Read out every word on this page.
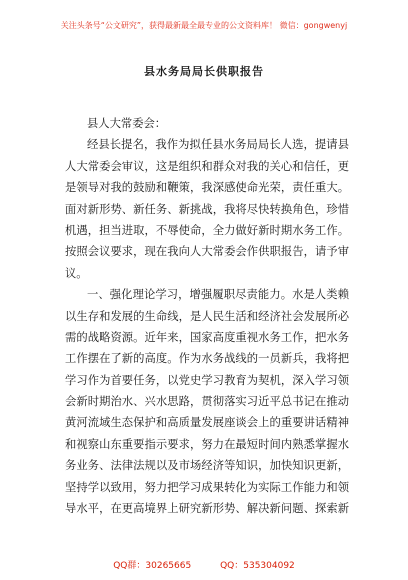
关注头条号“公文研究”，获得最新最全最专业的公文资料库！ 微信：gongwenyj
县水务局局长供职报告
县人大常委会：
经县长提名，我作为拟任县水务局局长人选，提请县
人大常委会审议，这是组织和群众对我的关心和信任，更
是领导对我的鼓励和鞭策，我深感使命光荣，责任重大。
面对新形势、新任务、新挑战，我将尽快转换角色，珍惜
机遇，担当进取，不辱使命，全力做好新时期水务工作。
按照会议要求，现在我向人大常委会作供职报告，请予审
议。
一、强化理论学习，增强履职尽责能力。水是人类赖
以生存和发展的生命线，是人民生活和经济社会发展所必
需的战略资源。近年来，国家高度重视水务工作，把水务
工作摆在了新的高度。作为水务战线的一员新兵，我将把
学习作为首要任务，以党史学习教育为契机，深入学习领
会新时期治水、兴水思路，贯彻落实习近平总书记在推动
黄河流域生态保护和高质量发展座谈会上的重要讲话精神
和视察山东重要指示要求，努力在最短时间内熟悉掌握水
务业务、法律法规以及市场经济等知识，加快知识更新，
坚持学以致用，努力把学习成果转化为实际工作能力和领
导水平，在更高境界上研究新形势、解决新问题、探索新
QQ群：30265665	QQ：535304092
